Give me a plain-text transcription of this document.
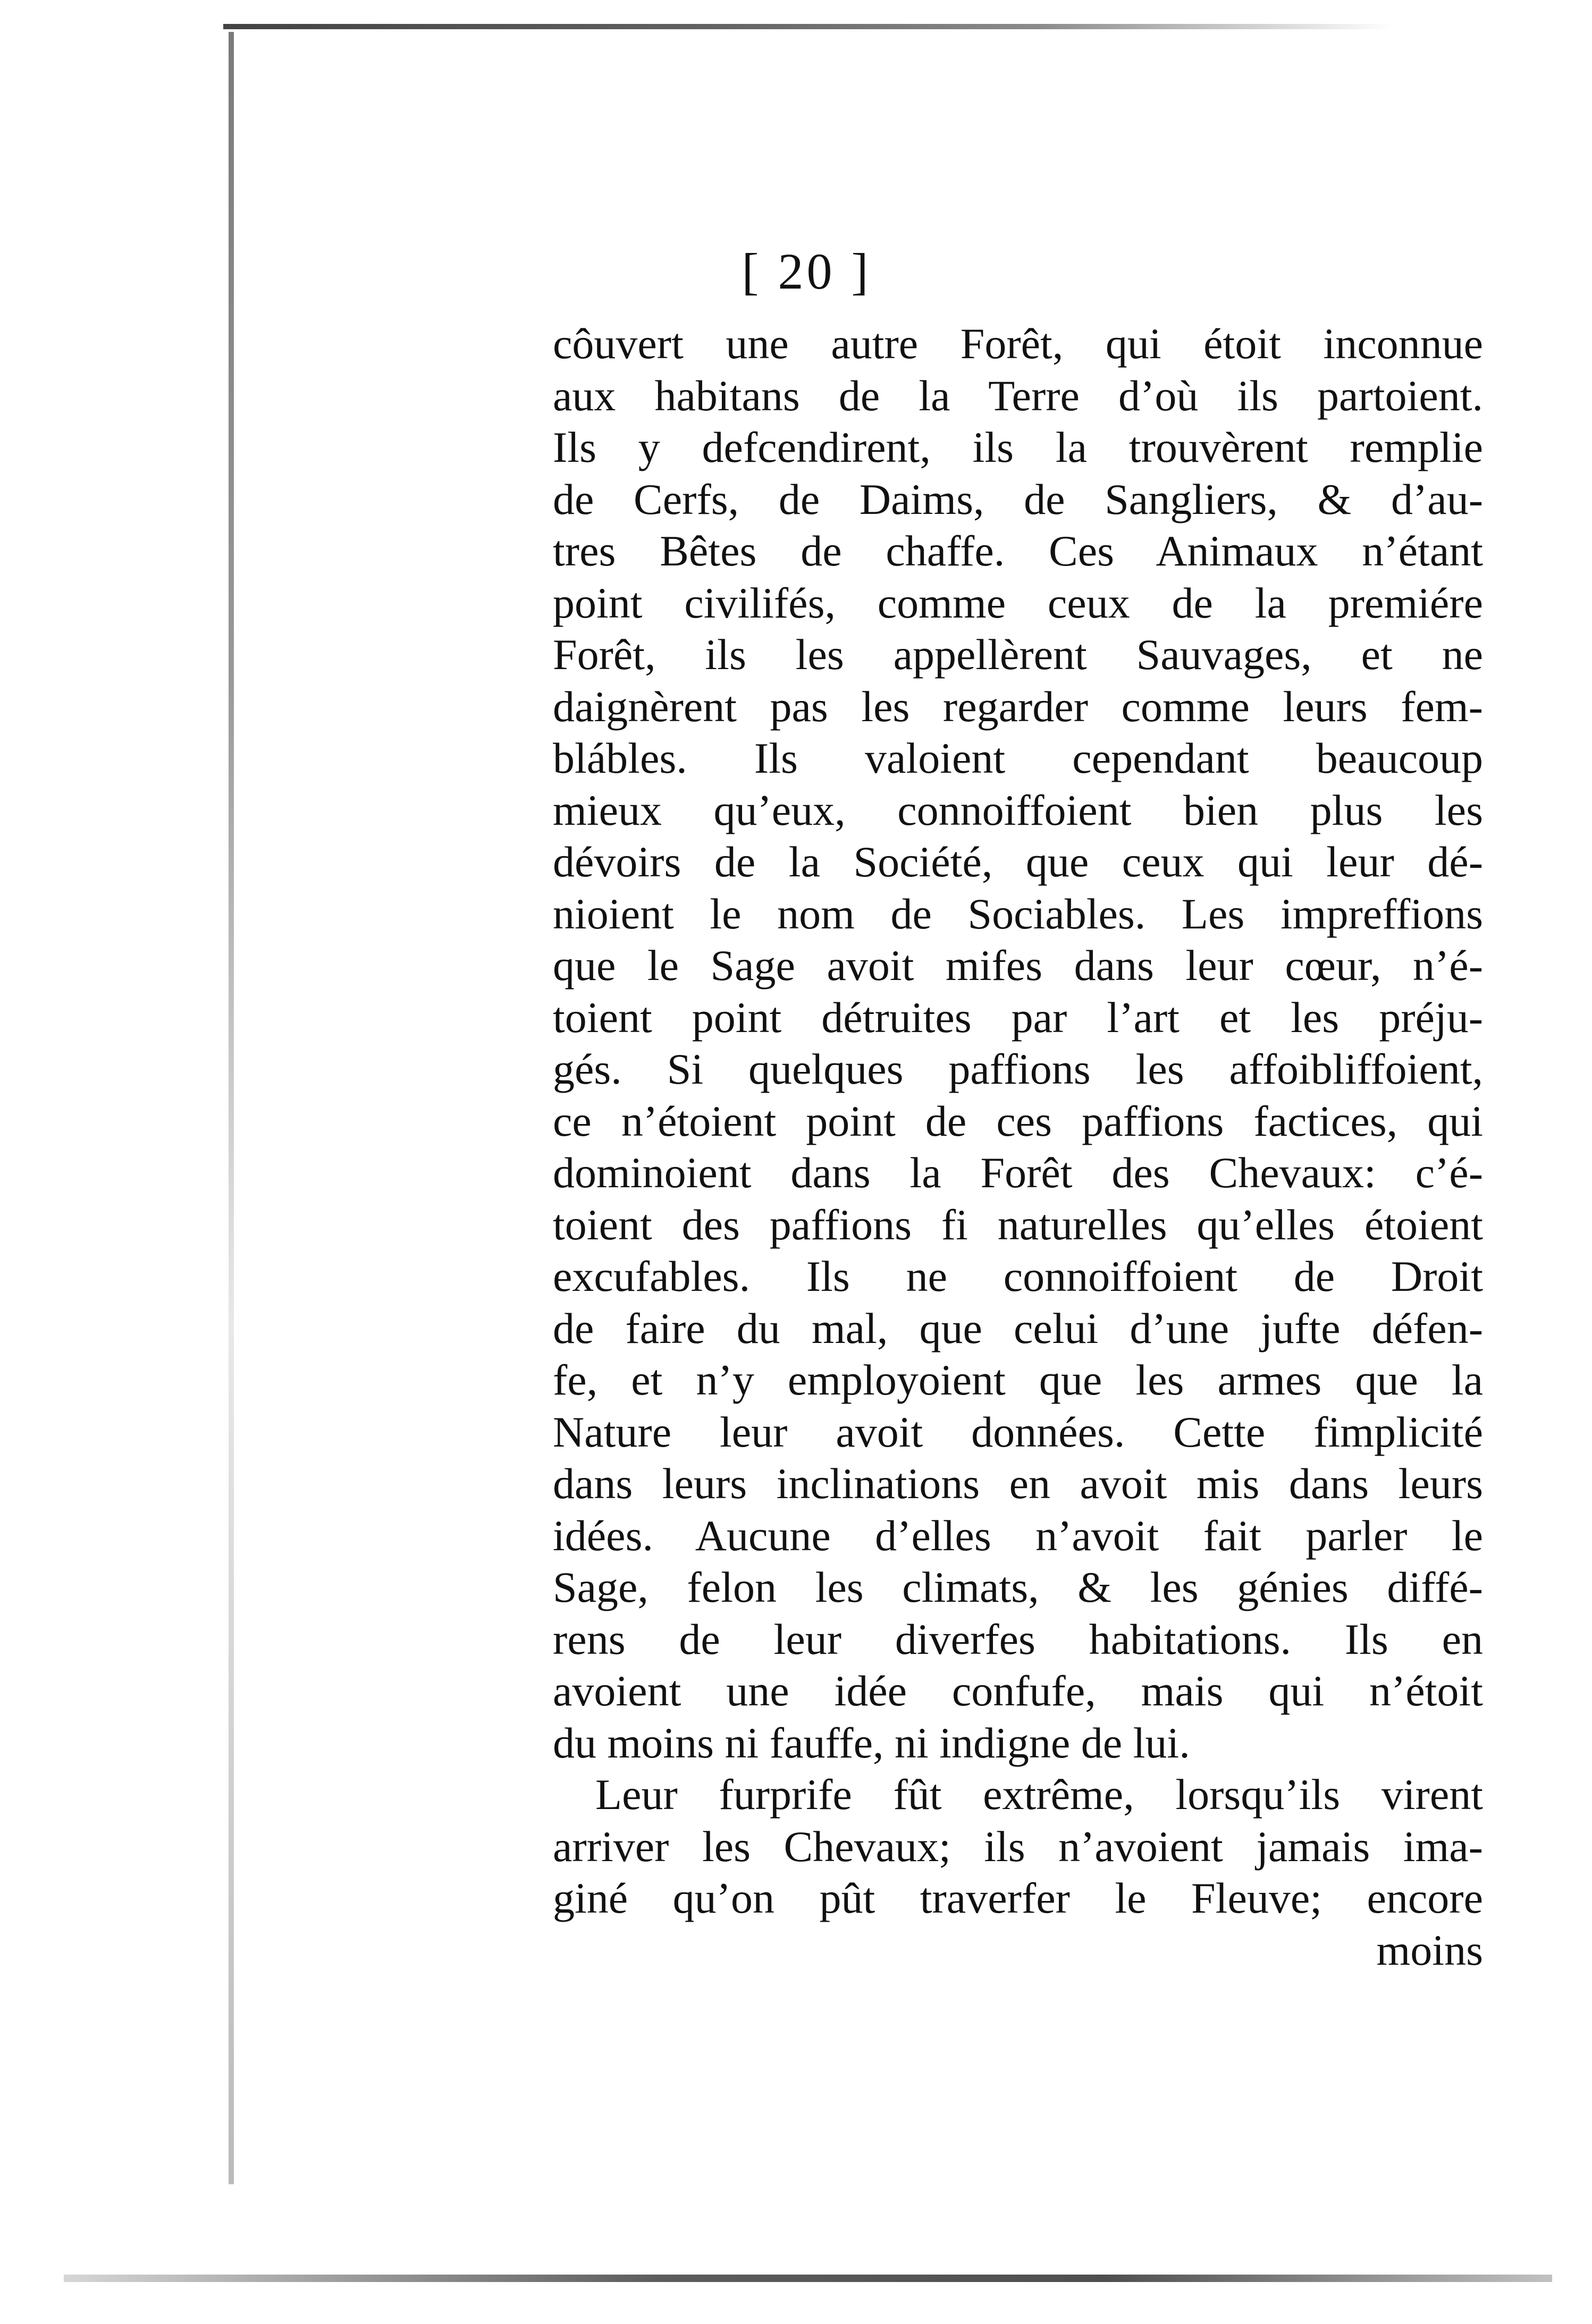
[ 20 ]
côuvert une autre Forêt, qui étoit inconnue
aux habitans de la Terre d’où ils partoient.
Ils y defcendirent, ils la trouvèrent remplie
de Cerfs, de Daims, de Sangliers, & d’au-
tres Bêtes de chaffe. Ces Animaux n’étant
point civilifés, comme ceux de la premiére
Forêt, ils les appellèrent Sauvages, et ne
daignèrent pas les regarder comme leurs fem-
blábles. Ils valoient cependant beaucoup
mieux qu’eux, connoiffoient bien plus les
dévoirs de la Société, que ceux qui leur dé-
nioient le nom de Sociables. Les impreffions
que le Sage avoit mifes dans leur cœur, n’é-
toient point détruites par l’art et les préju-
gés. Si quelques paffions les affoibliffoient,
ce n’étoient point de ces paffions factices, qui
dominoient dans la Forêt des Chevaux: c’é-
toient des paffions fi naturelles qu’elles étoient
excufables. Ils ne connoiffoient de Droit
de faire du mal, que celui d’une jufte défen-
fe, et n’y employoient que les armes que la
Nature leur avoit données. Cette fimplicité
dans leurs inclinations en avoit mis dans leurs
idées. Aucune d’elles n’avoit fait parler le
Sage, felon les climats, & les génies diffé-
rens de leur diverfes habitations. Ils en
avoient une idée confufe, mais qui n’étoit
du moins ni fauffe, ni indigne de lui.
Leur furprife fût extrême, lorsqu’ils virent
arriver les Chevaux; ils n’avoient jamais ima-
giné qu’on pût traverfer le Fleuve; encore
moins
